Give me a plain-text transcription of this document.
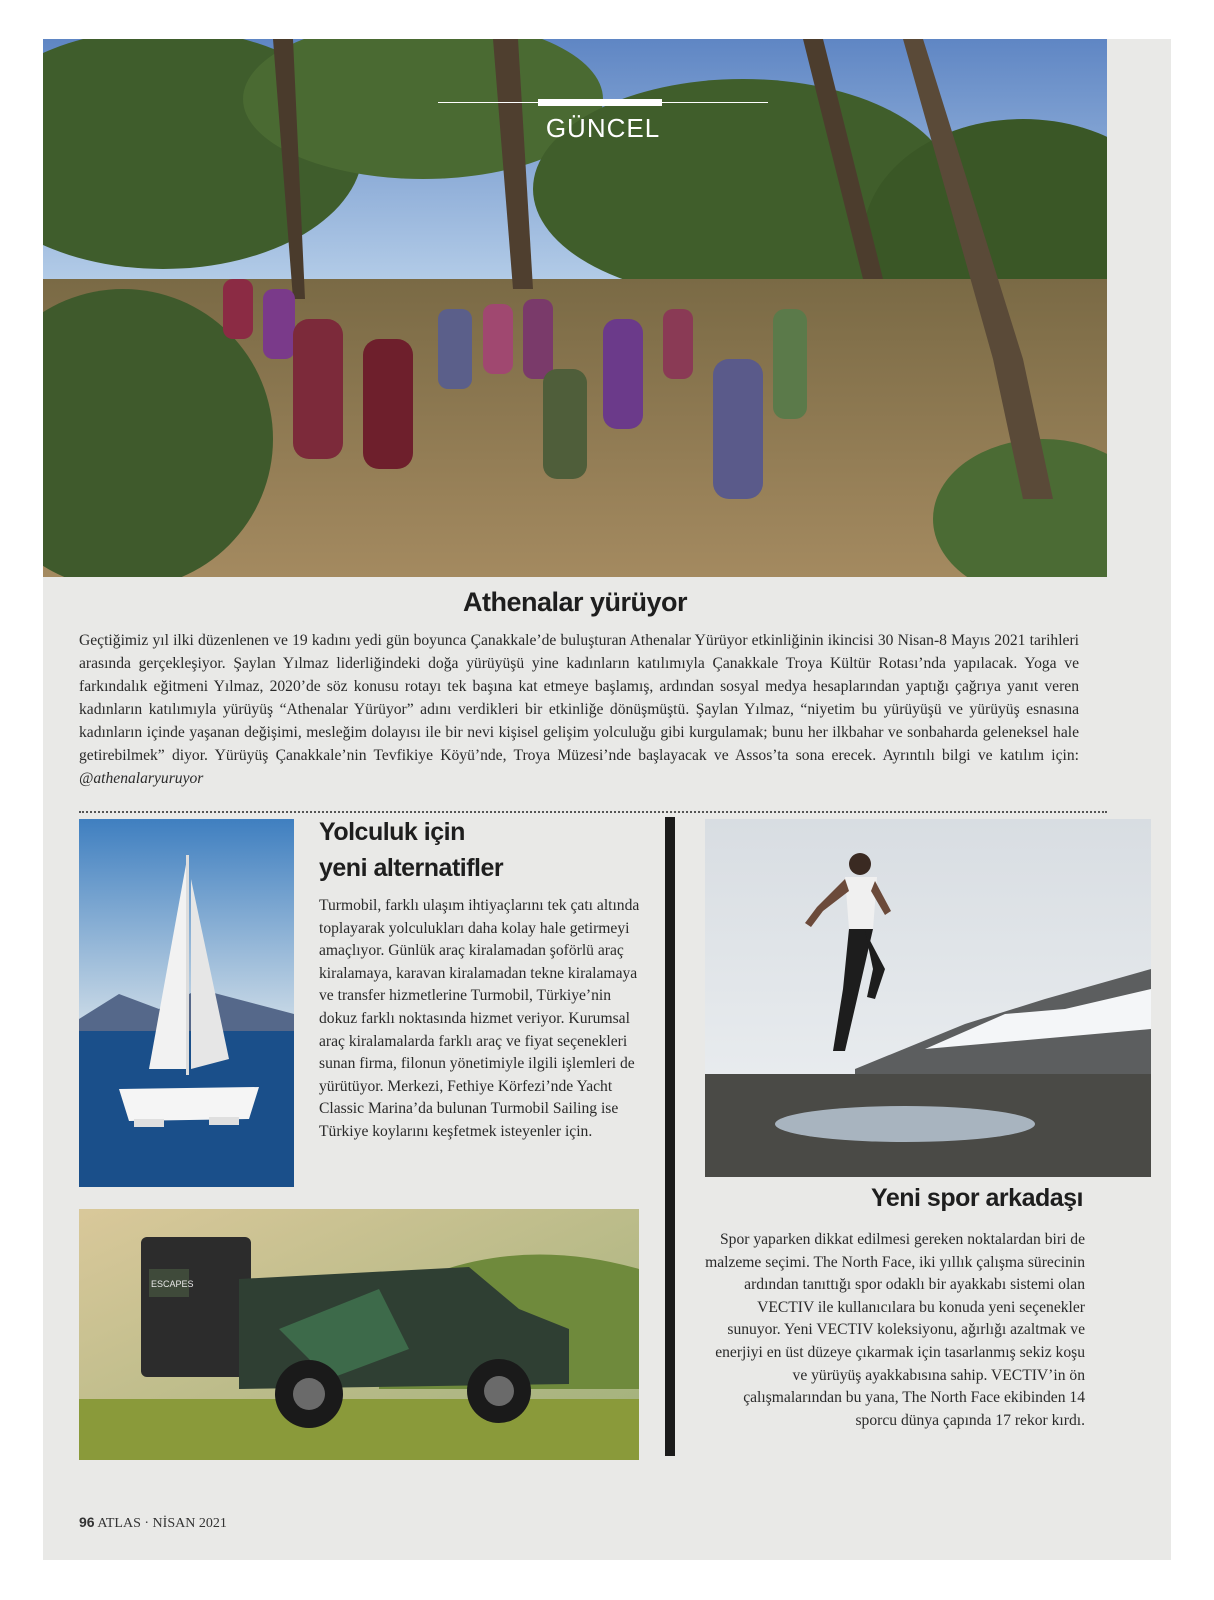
GÜNCEL
Athenalar yürüyor
Geçtiğimiz yıl ilki düzenlenen ve 19 kadını yedi gün boyunca Çanakkale’de buluşturan Athenalar Yürüyor etkinliğinin ikincisi 30 Nisan-8 Mayıs 2021 tarihleri arasında gerçekleşiyor. Şaylan Yılmaz liderliğindeki doğa yürüyüşü yine kadınların katılımıyla Çanakkale Troya Kültür Rotası’nda yapılacak. Yoga ve farkındalık eğitmeni Yılmaz, 2020’de söz konusu rotayı tek başına kat etmeye başlamış, ardından sosyal medya hesaplarından yaptığı çağrıya yanıt veren kadınların katılımıyla yürüyüş “Athenalar Yürüyor” adını verdikleri bir etkinliğe dönüşmüştü. Şaylan Yılmaz, “niyetim bu yürüyüşü ve yürüyüş esnasına kadınların içinde yaşanan değişimi, mesleğim dolayısı ile bir nevi kişisel gelişim yolculuğu gibi kurgulamak; bunu her ilkbahar ve sonbaharda geleneksel hale getirebilmek” diyor. Yürüyüş Çanakkale’nin Tevfikiye Köyü’nde, Troya Müzesi’nde başlayacak ve Assos’ta sona erecek. Ayrıntılı bilgi ve katılım için: @athenalaryuruyor
Yolculuk için
yeni alternatifler
Turmobil, farklı ulaşım ihtiyaçlarını tek çatı altında toplayarak yolculukları daha kolay hale getirmeyi amaçlıyor. Günlük araç kiralamadan şoförlü araç kiralamaya, karavan kiralamadan tekne kiralamaya ve transfer hizmetlerine Turmobil, Türkiye’nin dokuz farklı noktasında hizmet veriyor. Kurumsal araç kiralamalarda farklı araç ve fiyat seçenekleri sunan firma, filonun yönetimiyle ilgili işlemleri de yürütüyor. Merkezi, Fethiye Körfezi’nde Yacht Classic Marina’da bulunan Turmobil Sailing ise Türkiye koylarını keşfetmek isteyenler için.
ESCAPES
Yeni spor arkadaşı
Spor yaparken dikkat edilmesi gereken noktalardan biri de malzeme seçimi. The North Face, iki yıllık çalışma sürecinin ardından tanıttığı spor odaklı bir ayakkabı sistemi olan VECTIV ile kullanıcılara bu konuda yeni seçenekler sunuyor. Yeni VECTIV koleksiyonu, ağırlığı azaltmak ve enerjiyi en üst düzeye çıkarmak için tasarlanmış sekiz koşu ve yürüyüş ayakkabısına sahip. VECTIV’in ön çalışmalarından bu yana, The North Face ekibinden 14 sporcu dünya çapında 17 rekor kırdı.
96 ATLAS · NİSAN 2021
